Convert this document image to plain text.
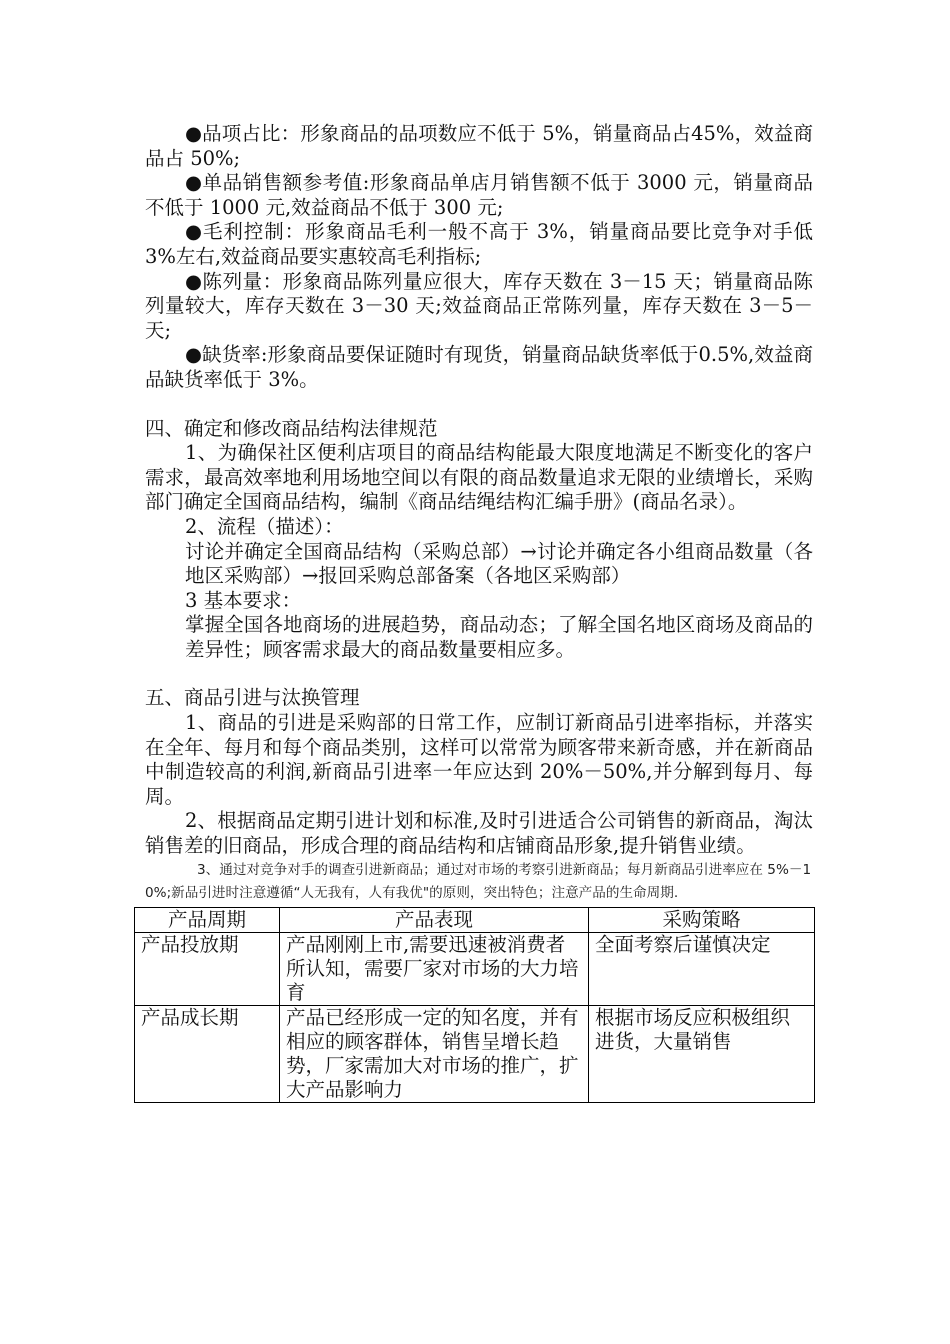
●品项占比：形象商品的品项数应不低于 5%，销量商品占45%，效益商品占 50%;

●单品销售额参考值:形象商品单店月销售额不低于 3000 元，销量商品不低于 1000 元,效益商品不低于 300 元;

●毛利控制：形象商品毛利一般不高于 3%，销量商品要比竞争对手低 3%左右,效益商品要实惠较高毛利指标;

●陈列量：形象商品陈列量应很大，库存天数在 3－15 天；销量商品陈列量较大，库存天数在 3－30 天;效益商品正常陈列量，库存天数在 3－5－天;

●缺货率:形象商品要保证随时有现货，销量商品缺货率低于0.5%,效益商品缺货率低于 3%。

四、确定和修改商品结构法律规范

1、为确保社区便利店项目的商品结构能最大限度地满足不断变化的客户需求，最高效率地利用场地空间以有限的商品数量追求无限的业绩增长，采购部门确定全国商品结构，编制《商品结绳结构汇编手册》(商品名录）。

2、流程（描述）：

讨论并确定全国商品结构（采购总部）→讨论并确定各小组商品数量（各地区采购部）→报回采购总部备案（各地区采购部）

3 基本要求：

掌握全国各地商场的进展趋势，商品动态；了解全国名地区商场及商品的差异性；顾客需求最大的商品数量要相应多。

五、商品引进与汰换管理

1、商品的引进是采购部的日常工作，应制订新商品引进率指标，并落实在全年、每月和每个商品类别，这样可以常常为顾客带来新奇感，并在新商品中制造较高的利润,新商品引进率一年应达到 20%－50%,并分解到每月、每周。

2、根据商品定期引进计划和标准,及时引进适合公司销售的新商品，淘汰销售差的旧商品，形成合理的商品结构和店铺商品形象,提升销售业绩。

3、通过对竞争对手的调查引进新商品；通过对市场的考察引进新商品；每月新商品引进率应在 5%－10%;新品引进时注意遵循“人无我有，人有我优"的原则，突出特色；注意产品的生命周期.

产品周期	产品表现	采购策略
产品投放期	产品刚刚上市,需要迅速被消费者所认知，需要厂家对市场的大力培育	全面考察后谨慎决定
产品成长期	产品已经形成一定的知名度，并有相应的顾客群体，销售呈增长趋势，厂家需加大对市场的推广，扩大产品影响力	根据市场反应积极组织进货，大量销售
